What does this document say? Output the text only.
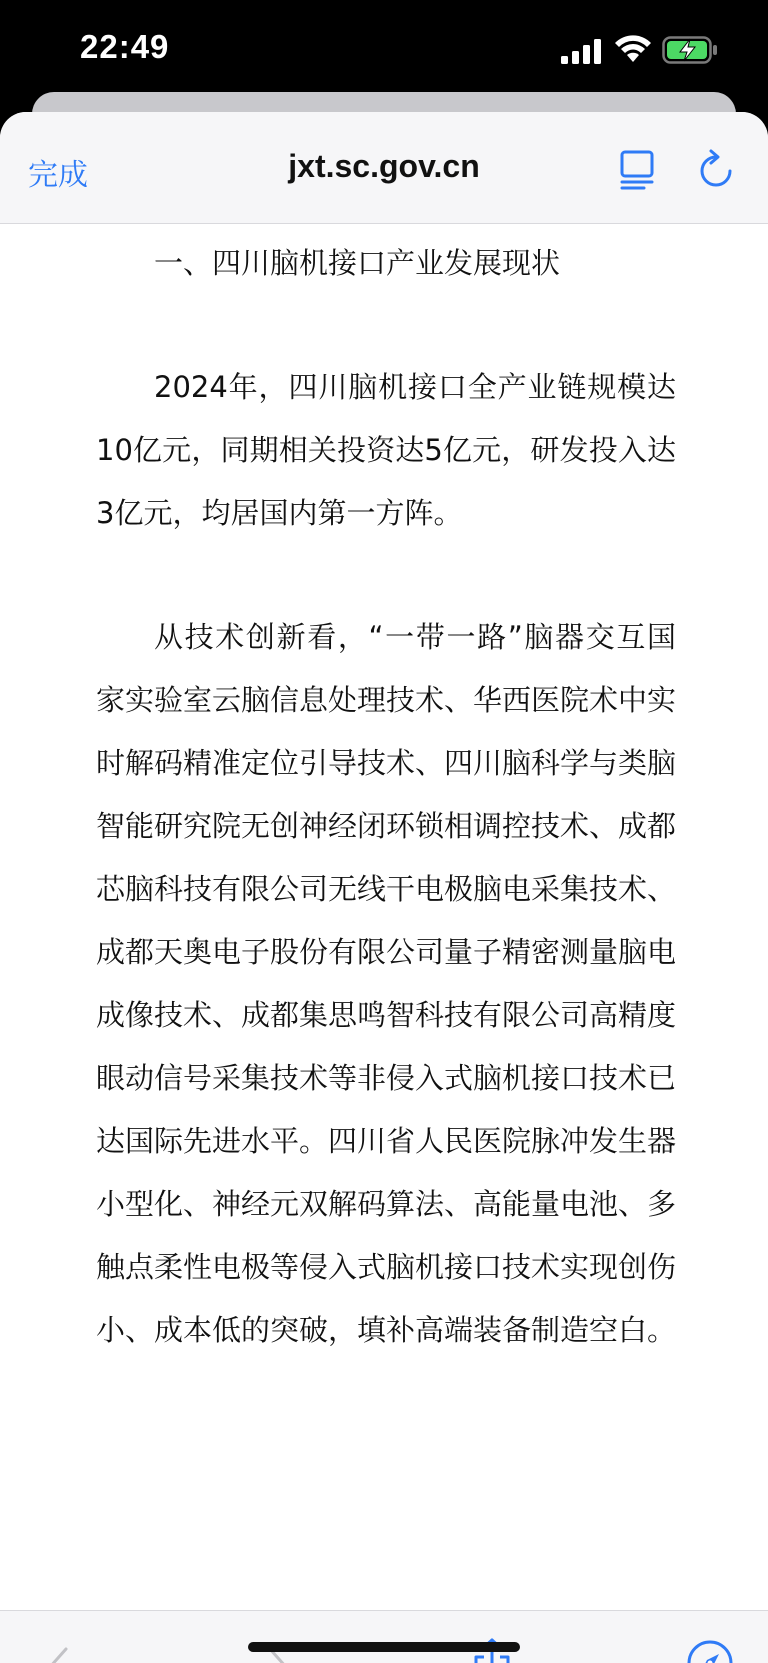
22:49
完成	jxt.sc.gov.cn

一、四川脑机接口产业发展现状

2024年，四川脑机接口全产业链规模达10亿元，同期相关投资达5亿元，研发投入达3亿元，均居国内第一方阵。

从技术创新看，“一带一路”脑器交互国家实验室云脑信息处理技术、华西医院术中实时解码精准定位引导技术、四川脑科学与类脑智能研究院无创神经闭环锁相调控技术、成都芯脑科技有限公司无线干电极脑电采集技术、成都天奥电子股份有限公司量子精密测量脑电成像技术、成都集思鸣智科技有限公司高精度眼动信号采集技术等非侵入式脑机接口技术已达国际先进水平。四川省人民医院脉冲发生器小型化、神经元双解码算法、高能量电池、多触点柔性电极等侵入式脑机接口技术实现创伤小、成本低的突破，填补高端装备制造空白。
